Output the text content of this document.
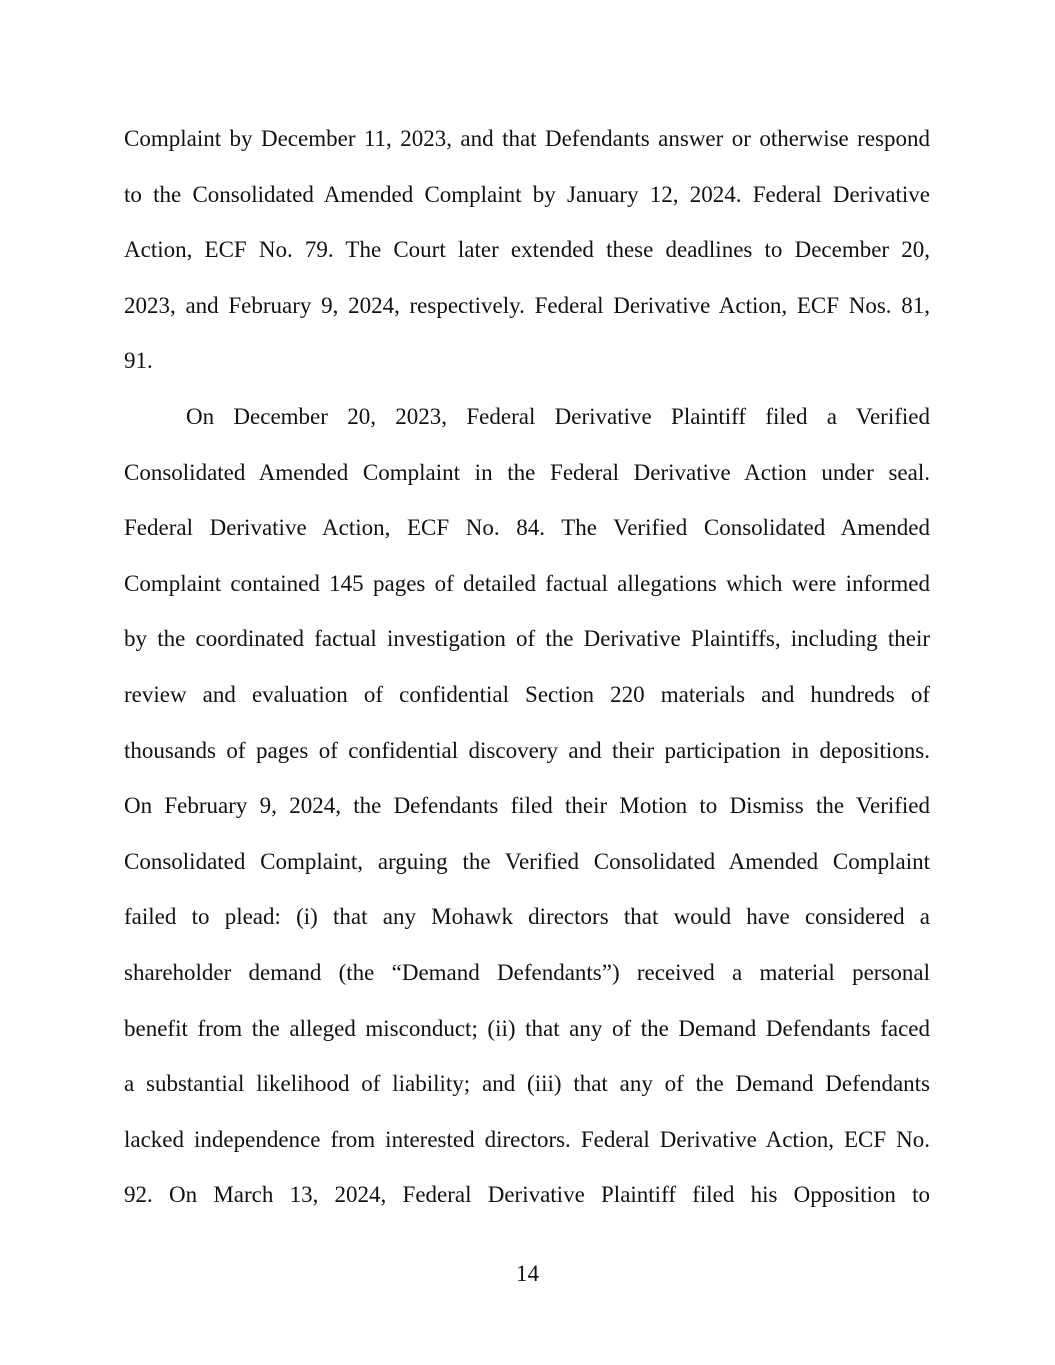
Complaint by December 11, 2023, and that Defendants answer or otherwise respond
to the Consolidated Amended Complaint by January 12, 2024. Federal Derivative
Action, ECF No. 79. The Court later extended these deadlines to December 20,
2023, and February 9, 2024, respectively. Federal Derivative Action, ECF Nos. 81,
91.
On December 20, 2023, Federal Derivative Plaintiff filed a Verified
Consolidated Amended Complaint in the Federal Derivative Action under seal.
Federal Derivative Action, ECF No. 84. The Verified Consolidated Amended
Complaint contained 145 pages of detailed factual allegations which were informed
by the coordinated factual investigation of the Derivative Plaintiffs, including their
review and evaluation of confidential Section 220 materials and hundreds of
thousands of pages of confidential discovery and their participation in depositions.
On February 9, 2024, the Defendants filed their Motion to Dismiss the Verified
Consolidated Complaint, arguing the Verified Consolidated Amended Complaint
failed to plead: (i) that any Mohawk directors that would have considered a
shareholder demand (the “Demand Defendants”) received a material personal
benefit from the alleged misconduct; (ii) that any of the Demand Defendants faced
a substantial likelihood of liability; and (iii) that any of the Demand Defendants
lacked independence from interested directors. Federal Derivative Action, ECF No.
92. On March 13, 2024, Federal Derivative Plaintiff filed his Opposition to
14
